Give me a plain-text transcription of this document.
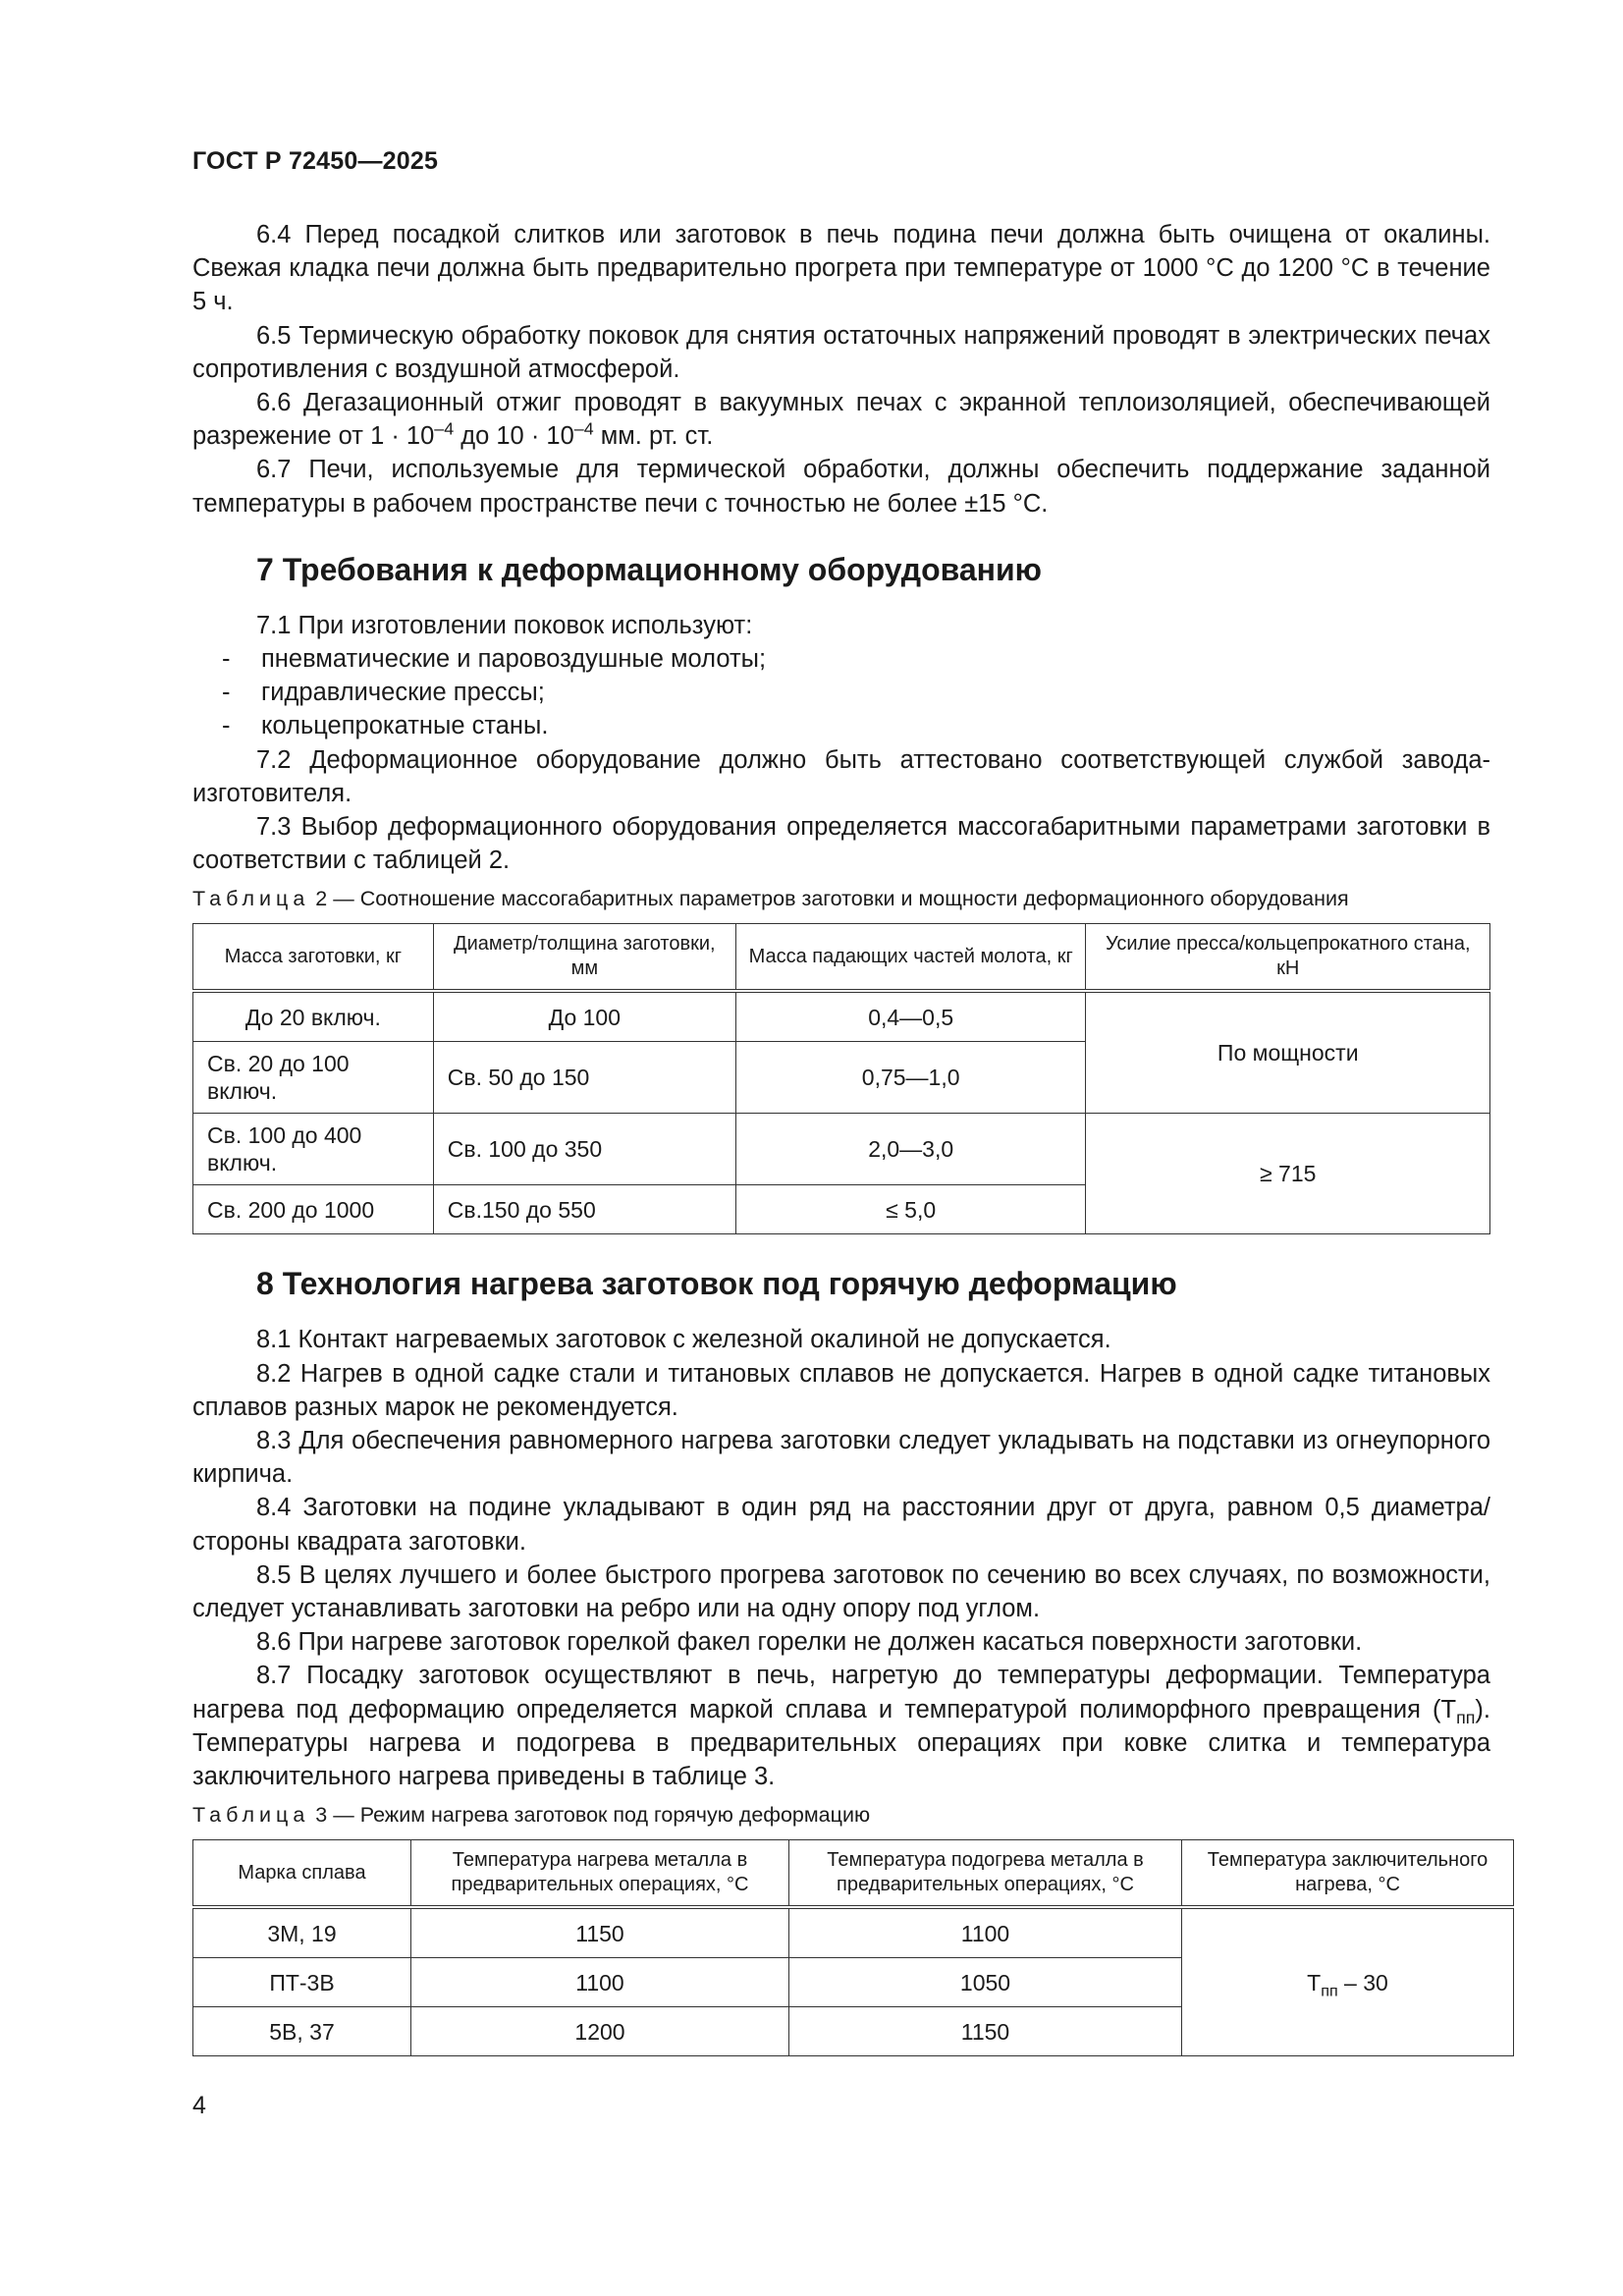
ГОСТ Р 72450—2025

6.4 Перед посадкой слитков или заготовок в печь подина печи должна быть очищена от окалины. Свежая кладка печи должна быть предварительно прогрета при температуре от 1000 °С до 1200 °С в течение 5 ч.

6.5 Термическую обработку поковок для снятия остаточных напряжений проводят в электрических печах сопротивления с воздушной атмосферой.

6.6 Дегазационный отжиг проводят в вакуумных печах с экранной теплоизоляцией, обеспечивающей разрежение от $1 \cdot 10^{-4}$ до $10 \cdot 10^{-4}$ мм. рт. ст.

6.7 Печи, используемые для термической обработки, должны обеспечить поддержание заданной температуры в рабочем пространстве печи с точностью не более ±15 °С.

7 Требования к деформационному оборудованию

7.1 При изготовлении поковок используют:

- пневматические и паровоздушные молоты;

- гидравлические прессы;

- кольцепрокатные станы.

7.2 Деформационное оборудование должно быть аттестовано соответствующей службой завода-изготовителя.

7.3 Выбор деформационного оборудования определяется массогабаритными параметрами заготовки в соответствии с таблицей 2.

Таблица 2 — Соотношение массогабаритных параметров заготовки и мощности деформационного оборудования
Масса заготовки, кг	Диаметр/толщина заготовки, мм	Масса падающих частей молота, кг	Усилие пресса/кольцепрокатного стана, кН
До 20 включ.	До 100	0,4—0,5	По мощности
Св. 20 до 100 включ.	Св. 50 до 150	0,75—1,0	
Св. 100 до 400 включ.	Св. 100 до 350	2,0—3,0	≥ 715
Св. 200 до 1000	Св.150 до 550	≤ 5,0	
8 Технология нагрева заготовок под горячую деформацию

8.1 Контакт нагреваемых заготовок с железной окалиной не допускается.

8.2 Нагрев в одной садке стали и титановых сплавов не допускается. Нагрев в одной садке титановых сплавов разных марок не рекомендуется.

8.3 Для обеспечения равномерного нагрева заготовки следует укладывать на подставки из огнеупорного кирпича.

8.4 Заготовки на подине укладывают в один ряд на расстоянии друг от друга, равном 0,5 диаметра/стороны квадрата заготовки.

8.5 В целях лучшего и более быстрого прогрева заготовок по сечению во всех случаях, по возможности, следует устанавливать заготовки на ребро или на одну опору под углом.

8.6 При нагреве заготовок горелкой факел горелки не должен касаться поверхности заготовки.

8.7 Посадку заготовок осуществляют в печь, нагретую до температуры деформации. Температура нагрева под деформацию определяется маркой сплава и температурой полиморфного превращения $(Т_{пп})$. Температуры нагрева и подогрева в предварительных операциях при ковке слитка и температура заключительного нагрева приведены в таблице 3.

Таблица 3 — Режим нагрева заготовок под горячую деформацию
Марка сплава	Температура нагрева металла в предварительных операциях, °С	Температура подогрева металла в предварительных операциях, °С	Температура заключительного нагрева, °С
3М, 19	1150	1100	$Т_{пп} - 30$
ПТ-3В	1100	1050	
5В, 37	1200	1150	
4
